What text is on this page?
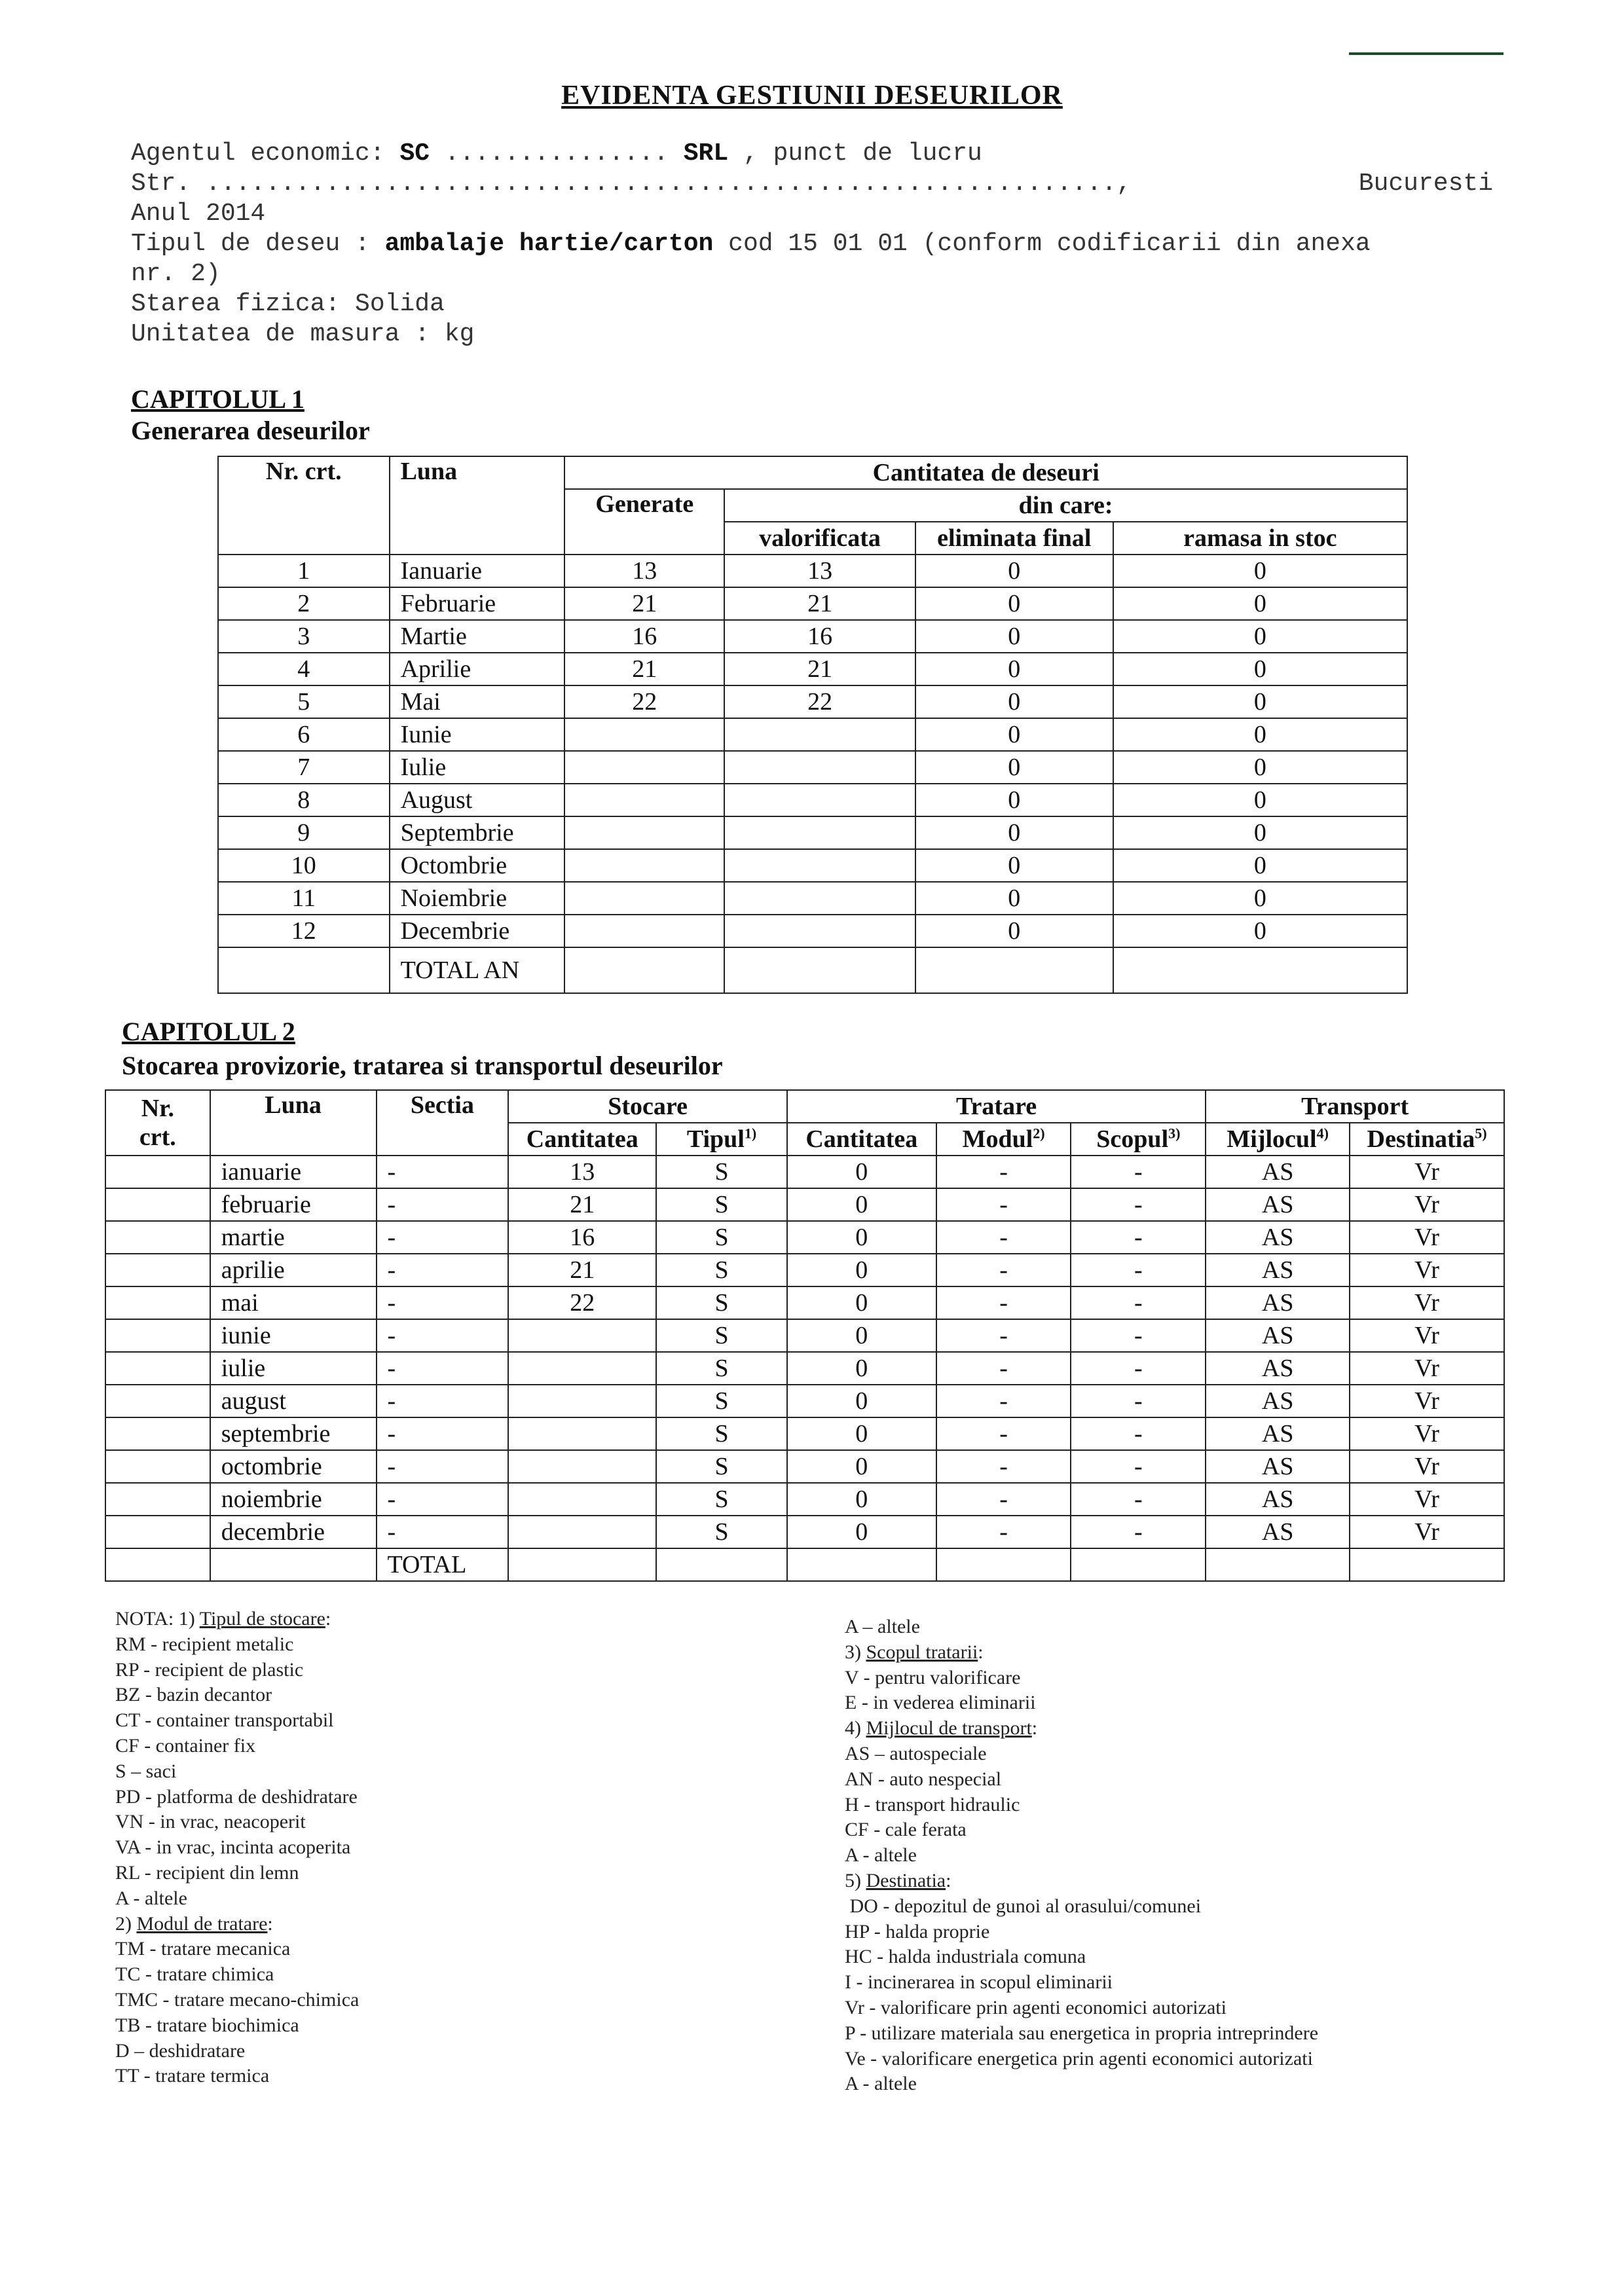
EVIDENTA GESTIUNII DESEURILOR
Agentul economic: SC ............... SRL , punct de lucru
Str. .............................................................,	Bucuresti
Anul 2014
Tipul de deseu : ambalaje hartie/carton cod 15 01 01 (conform codificarii din anexa
nr. 2)
Starea fizica: Solida
Unitatea de masura : kg
CAPITOLUL 1
Generarea deseurilor
Nr. crt.	Luna	Cantitatea de deseuri			
		Generate	din care:		
			valorificata	eliminata final	ramasa in stoc
1	Ianuarie	13	13	0	0
2	Februarie	21	21	0	0
3	Martie	16	16	0	0
4	Aprilie	21	21	0	0
5	Mai	22	22	0	0
6	Iunie			0	0
7	Iulie			0	0
8	August			0	0
9	Septembrie			0	0
10	Octombrie			0	0
11	Noiembrie			0	0
12	Decembrie			0	0
	TOTAL AN				
CAPITOLUL 2
Stocarea provizorie, tratarea si transportul deseurilor
Nr.
crt.	Luna	Sectia	Stocare		Tratare			Transport	
			Cantitatea	Tipul$^{1)}$	Cantitatea	Modul$^{2)}$	Scopul$^{3)}$	Mijlocul$^{4)}$	Destinatia$^{5)}$
	ianuarie	-	13	S	0	-	-	AS	Vr
	februarie	-	21	S	0	-	-	AS	Vr
	martie	-	16	S	0	-	-	AS	Vr
	aprilie	-	21	S	0	-	-	AS	Vr
	mai	-	22	S	0	-	-	AS	Vr
	iunie	-		S	0	-	-	AS	Vr
	iulie	-		S	0	-	-	AS	Vr
	august	-		S	0	-	-	AS	Vr
	septembrie	-		S	0	-	-	AS	Vr
	octombrie	-		S	0	-	-	AS	Vr
	noiembrie	-		S	0	-	-	AS	Vr
	decembrie	-		S	0	-	-	AS	Vr
		TOTAL							
NOTA: 1) Tipul de stocare:
RM - recipient metalic
RP - recipient de plastic
BZ - bazin decantor
CT - container transportabil
CF - container fix
S – saci
PD - platforma de deshidratare
VN - in vrac, neacoperit
VA - in vrac, incinta acoperita
RL - recipient din lemn
A - altele
2) Modul de tratare:
TM - tratare mecanica
TC - tratare chimica
TMC - tratare mecano-chimica
TB - tratare biochimica
D – deshidratare
TT - tratare termica
A – altele
3) Scopul tratarii:
V - pentru valorificare
E - in vederea eliminarii
4) Mijlocul de transport:
AS – autospeciale
AN - auto nespecial
H - transport hidraulic
CF - cale ferata
A - altele
5) Destinatia:
DO - depozitul de gunoi al orasului/comunei
HP - halda proprie
HC - halda industriala comuna
I - incinerarea in scopul eliminarii
Vr - valorificare prin agenti economici autorizati
P - utilizare materiala sau energetica in propria intreprindere
Ve - valorificare energetica prin agenti economici autorizati
A - altele
